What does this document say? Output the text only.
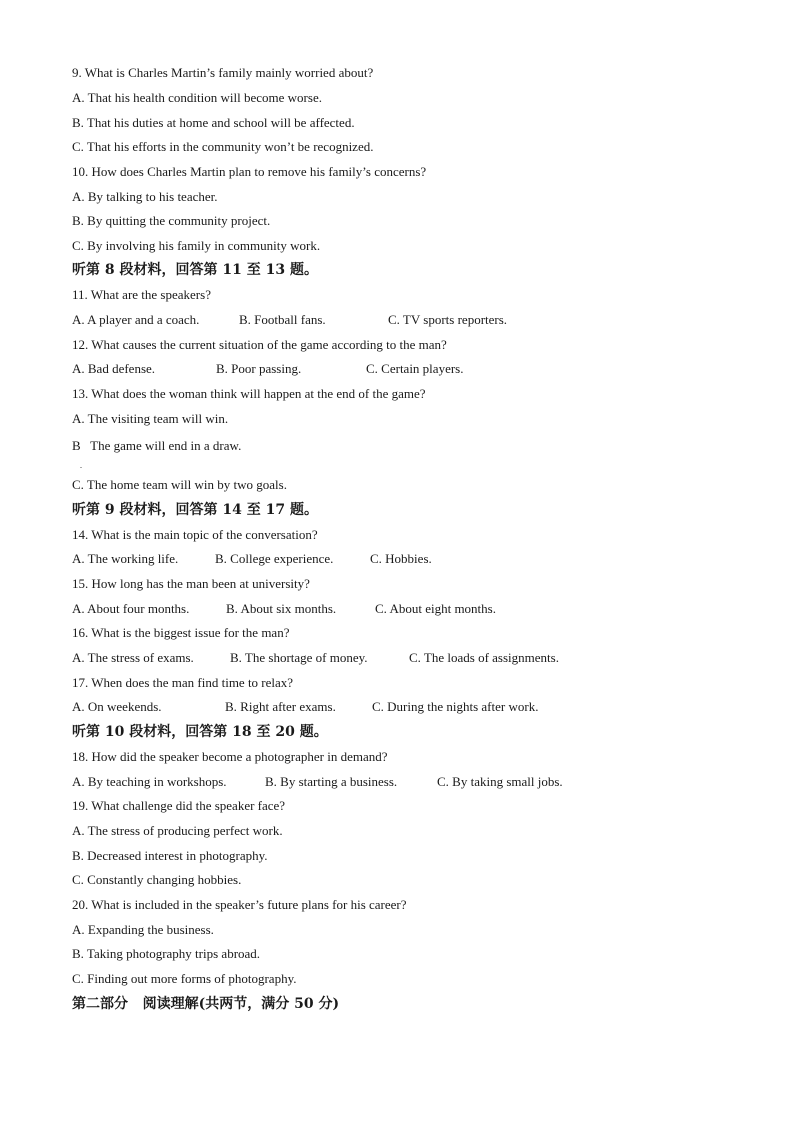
9. What is Charles Martin’s family mainly worried about?
A. That his health condition will become worse.
B. That his duties at home and school will be affected.
C. That his efforts in the community won’t be recognized.
10. How does Charles Martin plan to remove his family’s concerns?
A. By talking to his teacher.
B. By quitting the community project.
C. By involving his family in community work.
听第 8 段材料，回答第 11 至 13 题。
11. What are the speakers?
A. A player and a coach.	B. Football fans.	C. TV sports reporters.
12. What causes the current situation of the game according to the man?
A. Bad defense.	B. Poor passing.	C. Certain players.
13. What does the woman think will happen at the end of the game?
A. The visiting team will win.
B   The game will end in a draw.
.
C. The home team will win by two goals.
听第 9 段材料，回答第 14 至 17 题。
14. What is the main topic of the conversation?
A. The working life.	B. College experience.	C. Hobbies.
15. How long has the man been at university?
A. About four months.	B. About six months.	C. About eight months.
16. What is the biggest issue for the man?
A. The stress of exams.	B. The shortage of money.	C. The loads of assignments.
17. When does the man find time to relax?
A. On weekends.	B. Right after exams.	C. During the nights after work.
听第 10 段材料，回答第 18 至 20 题。
18. How did the speaker become a photographer in demand?
A. By teaching in workshops.	B. By starting a business.	C. By taking small jobs.
19. What challenge did the speaker face?
A. The stress of producing perfect work.
B. Decreased interest in photography.
C. Constantly changing hobbies.
20. What is included in the speaker’s future plans for his career?
A. Expanding the business.
B. Taking photography trips abroad.
C. Finding out more forms of photography.
第二部分   阅读理解(共两节，满分 50 分)
